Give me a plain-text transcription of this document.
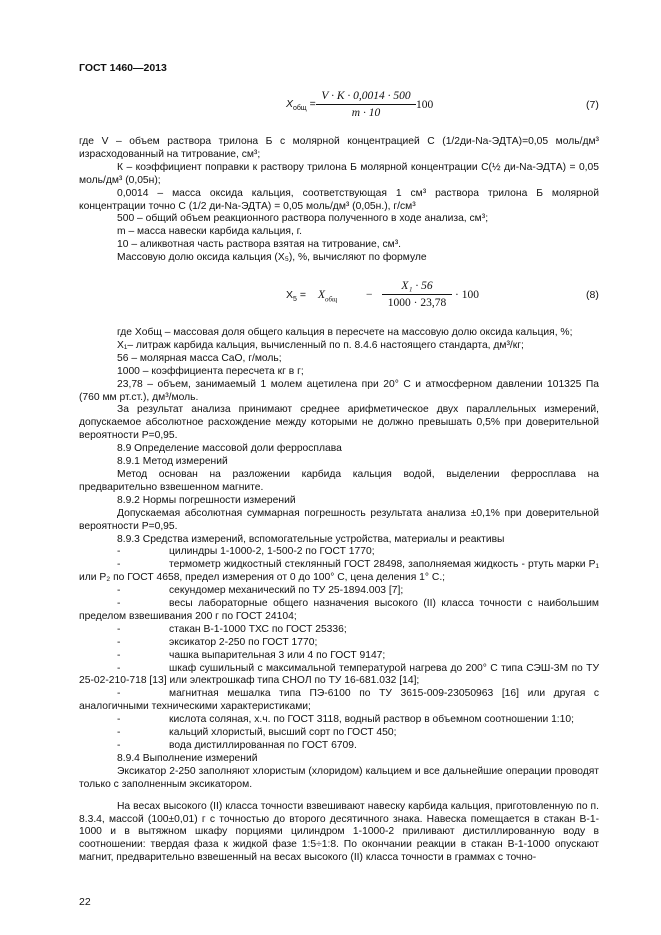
ГОСТ 1460—2013
$X_{общ}$ =
V · K · 0,0014 · 500
m · 10
100	(7)
$X_5 = X_{общ}$	−
X₁ · 56
1000 · 23,78
· 100	(8)

где V – объем раствора трилона Б с молярной концентрацией С (1/2ди-Na-ЭДТА)=0,05 моль/дм³ израсходованный на титрование, см³;

К – коэффициент поправки к раствору трилона Б молярной концентрации С(½ ди-Na-ЭДТА) = 0,05 моль/дм³ (0,05н);

0,0014 – масса оксида кальция, соответствующая 1 см³ раствора трилона Б молярной концентрации точно С (1/2 ди-Na-ЭДТА) = 0,05 моль/дм³ (0,05н.), г/см³

500 – общий объем реакционного раствора полученного в ходе анализа, см³;

m – масса навески карбида кальция, г.

10 – аликвотная часть раствора взятая на титрование, см³.

Массовую долю оксида кальция (X₅), %, вычисляют по формуле

где Xобщ – массовая доля общего кальция в пересчете на массовую долю оксида кальция, %;

X₁– литраж карбида кальция, вычисленный по п. 8.4.6 настоящего стандарта, дм³/кг;

56 – молярная масса CaO, г/моль;

1000 – коэффициента пересчета кг в г;

23,78 – объем, занимаемый 1 молем ацетилена при 20° С и атмосферном давлении 101325 Па (760 мм рт.ст.), дм³/моль.

За результат анализа принимают среднее арифметическое двух параллельных измерений, допускаемое абсолютное расхождение между которыми не должно превышать 0,5% при доверительной вероятности P=0,95.

8.9 Определение массовой доли ферросплава

8.9.1 Метод измерений

Метод основан на разложении карбида кальция водой, выделении ферросплава на предварительно взвешенном магните.

8.9.2 Нормы погрешности измерений

Допускаемая абсолютная суммарная погрешность результата анализа ±0,1% при доверительной вероятности P=0,95.

8.9.3 Средства измерений, вспомогательные устройства, материалы и реактивы

-	цилиндры 1-1000-2, 1-500-2 по ГОСТ 1770;

-	термометр жидкостный стеклянный ГОСТ 28498, заполняемая жидкость - ртуть марки Р₁ или Р₂ по ГОСТ 4658, предел измерения от 0 до 100° С, цена деления 1° С.;

-	секундомер механический по ТУ 25-1894.003 [7];

-	весы лабораторные общего назначения высокого (II) класса точности с наибольшим пределом взвешивания 200 г по ГОСТ 24104;

-	стакан В-1-1000 ТХС по ГОСТ 25336;

-	эксикатор 2-250 по ГОСТ 1770;

-	чашка выпарительная 3 или 4 по ГОСТ 9147;

-	шкаф сушильный с максимальной температурой нагрева до 200° С типа СЭШ-3М по ТУ 25-02-210-718 [13] или электрошкаф типа СНОЛ по ТУ 16-681.032 [14];

-	магнитная мешалка типа ПЭ-6100 по ТУ 3615-009-23050963 [16] или другая с аналогичными техническими характеристиками;

-	кислота соляная, х.ч. по ГОСТ 3118, водный раствор в объемном соотношении 1:10;

-	кальций хлористый, высший сорт по ГОСТ 450;

-	вода дистиллированная по ГОСТ 6709.

8.9.4 Выполнение измерений

Эксикатор 2-250 заполняют хлористым (хлоридом) кальцием и все дальнейшие операции проводят только с заполненным эксикатором.

На весах высокого (II) класса точности взвешивают навеску карбида кальция, приготовленную по п. 8.3.4, массой (100±0,01) г с точностью до второго десятичного знака. Навеска помещается в стакан В-1-1000 и в вытяжном шкафу порциями цилиндром 1-1000-2 приливают дистиллированную воду в соотношении: твердая фаза к жидкой фазе 1:5÷1:8. По окончании реакции в стакан В-1-1000 опускают магнит, предварительно взвешенный на весах высокого (II) класса точности в граммах с точно-

22
